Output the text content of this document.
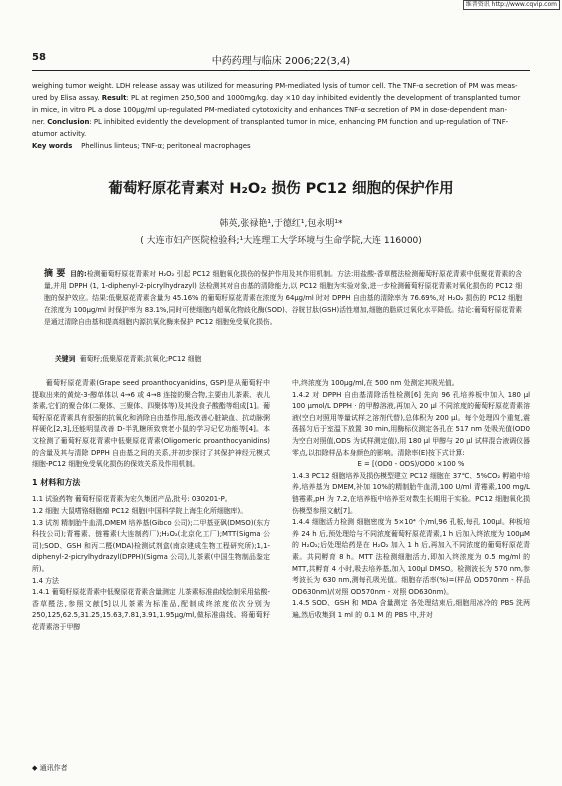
维普资讯 http://www.cqvip.com
58	中药药理与临床 2006;22(3,4)
weighing tumor weight. LDH release assay was utilized for measuring PM-mediated lysis of tumor cell. The TNF-α secretion of PM was meas-
ured by Elisa assay. Result: PL at regimen 250,500 and 1000mg/kg. day ×10 day inhibited evidently the development of transplanted tumor
in mice, in vitro PL a dose 100μg/ml up-regulated PM-mediated cytotoxicity and enhances TNF-α secretion of PM in dose-dependent man-
ner. Conclusion: PL inhibited evidently the development of transplanted tumor in mice, enhancing PM function and up-regulation of TNF-
αtumor activity.
Key words Phellinus linteus; TNF-α; peritoneal macrophages
葡萄籽原花青素对 H₂O₂ 损伤 PC12 细胞的保护作用
韩英,张禄艳¹,于德红¹,包永明¹*
( 大连市妇产医院检验科;¹大连理工大学环境与生命学院,大连 116000)
摘 要 目的:检测葡萄籽原花青素对 H₂O₂ 引起 PC12 细胞氧化损伤的保护作用及其作用机制。方法:用盐酸-香草醛法检测葡萄籽原花青素中低聚花青素的含量,并用 DPPH (1, 1-diphenyl-2-picrylhydrazyl) 法检测其对自由基的清除能力,以 PC12 细胞为实验对象,进一步检测葡萄籽原花青素对氧化损伤的 PC12 细胞的保护效应。结果:低聚原花青素含量为 45.16% 的葡萄籽原花青素在浓度为 64μg/ml 时对 DPPH 自由基的清除率为 76.69%,对 H₂O₂ 损伤的 PC12 细胞在浓度为 100μg/ml 时保护率为 83.1%,同时可使细胞内超氧化物歧化酶(SOD)、谷胱甘肽(GSH)活性增加,细胞的脂质过氧化水平降低。结论:葡萄籽原花青素是通过清除自由基和提高细胞内源抗氧化酶来保护 PC12 细胞免受氧化损伤。
关键词 葡萄籽;低聚原花青素;抗氧化;PC12 细胞

葡萄籽原花青素(Grape seed proanthocyanidins, GSP)是从葡萄籽中提取出来的黄烷-3-醇单体以 4→6 或 4→8 连接的聚合物,主要由儿茶素、表儿茶素,它们的聚合体(二聚体、三聚体、四聚体等)及其没食子酸酯等组成[1]。葡萄籽原花青素具有很强的抗氧化和消除自由基作用,能改善心脏缺血、抗动脉粥样硬化[2,3],还能明显改善 D-半乳糖所致衰老小鼠的学习记忆功能等[4]。本文检测了葡萄籽原花青素中低聚原花青素(Oligomeric proanthocyanidins)的含量及其与清除 DPPH 自由基之间的关系,并初步探讨了其保护神经元模式细胞-PC12 细胞免受氧化损伤的保效关系及作用机制。

1 材料和方法

1.1 试验药物 葡萄籽原花青素为宏久集团产品,批号: 030201-P。

1.2 细胞 大鼠嗜铬细胞瘤 PC12 细胞(中国科学院上海生化所细胞库)。

1.3 试剂 精制胎牛血清,DMEM 培养基(Gibco 公司);二甲基亚砜(DMSO)(东方科技公司);青霉素、链霉素(大连制药厂);H₂O₂(北京化工厂);MTT(Sigma 公司);SOD、GSH 和丙二醛(MDA)检测试剂盒(南京建成生物工程研究所);1,1-diphenyl-2-picrylhydrazyl(DPPH)(Sigma 公司),儿茶素(中国生物制品鉴定所)。

1.4 方法

1.4.1 葡萄籽原花青素中低聚原花青素含量测定 儿茶素标准曲线绘制采用盐酸-香草醛法,参照文献[5]以儿茶素为标准品,配制成终浓度依次分别为 250,125,62.5,31.25,15.63,7.81,3.91,1.95μg/ml,做标准曲线。将葡萄籽花青素溶于甲醇

中,终浓度为 100μg/ml,在 500 nm 处测定其吸光值。

1.4.2 对 DPPH 自由基清除活性检测[6] 先向 96 孔培养板中加入 180 μl 100 μmol/L DPPH · 的甲醇溶液,再加入 20 μl 不同浓度的葡萄籽原花青素溶液(空白对照用等量试样之溶剂代替),总体积为 200 μl。每个处理四个重复,震荡摇匀后于室温下放置 30 min,用酶标仪测定各孔在 517 nm 处吸光值(OD0 为空白对照值,ODS 为试样测定值),用 180 μl 甲醇与 20 μl 试样混合液调仪器零点,以扣除样品本身颜色的影响。清除率(E)按下式计算:

E = [(OD0 - ODS)/OD0 ×100 %

1.4.3 PC12 细胞培养及损伤模型建立 PC12 细胞在 37℃、5%CO₂ 孵箱中培养,培养基为 DMEM,补加 10%的精制胎牛血清,100 U/ml 青霉素,100 mg/L 链霉素,pH 为 7.2,在培养瓶中培养至对数生长期用于实验。PC12 细胞氧化损伤模型参照文献[7]。

1.4.4 细胞活力检测 细胞密度为 5×10⁴ 个/ml,96 孔板,每孔 100μl。种板培养 24 h 后,预处理给与不同浓度葡萄籽原花青素,1 h 后加入终浓度为 100μM 的 H₂O₂;后处理给药是在 H₂O₂ 加入 1 h 后,再加入不同浓度的葡萄籽原花青素。共同孵育 8 h。MTT 法检测细胞活力,即加入终浓度为 0.5 mg/ml 的 MTT,共孵育 4 小时,吸去培养基,加入 100μl DMSO。检测波长为 570 nm,参考波长为 630 nm,测每孔吸光值。细胞存活率(%)=(样品 OD570nm - 样品 OD630nm)/(对照 OD570nm - 对照 OD630nm)。

1.4.5 SOD、GSH 和 MDA 含量测定 各处理结束后,细胞用冰冷的 PBS 洗两遍,然后收集到 1 ml 的 0.1 M 的 PBS 中,并对

◆ 通讯作者
